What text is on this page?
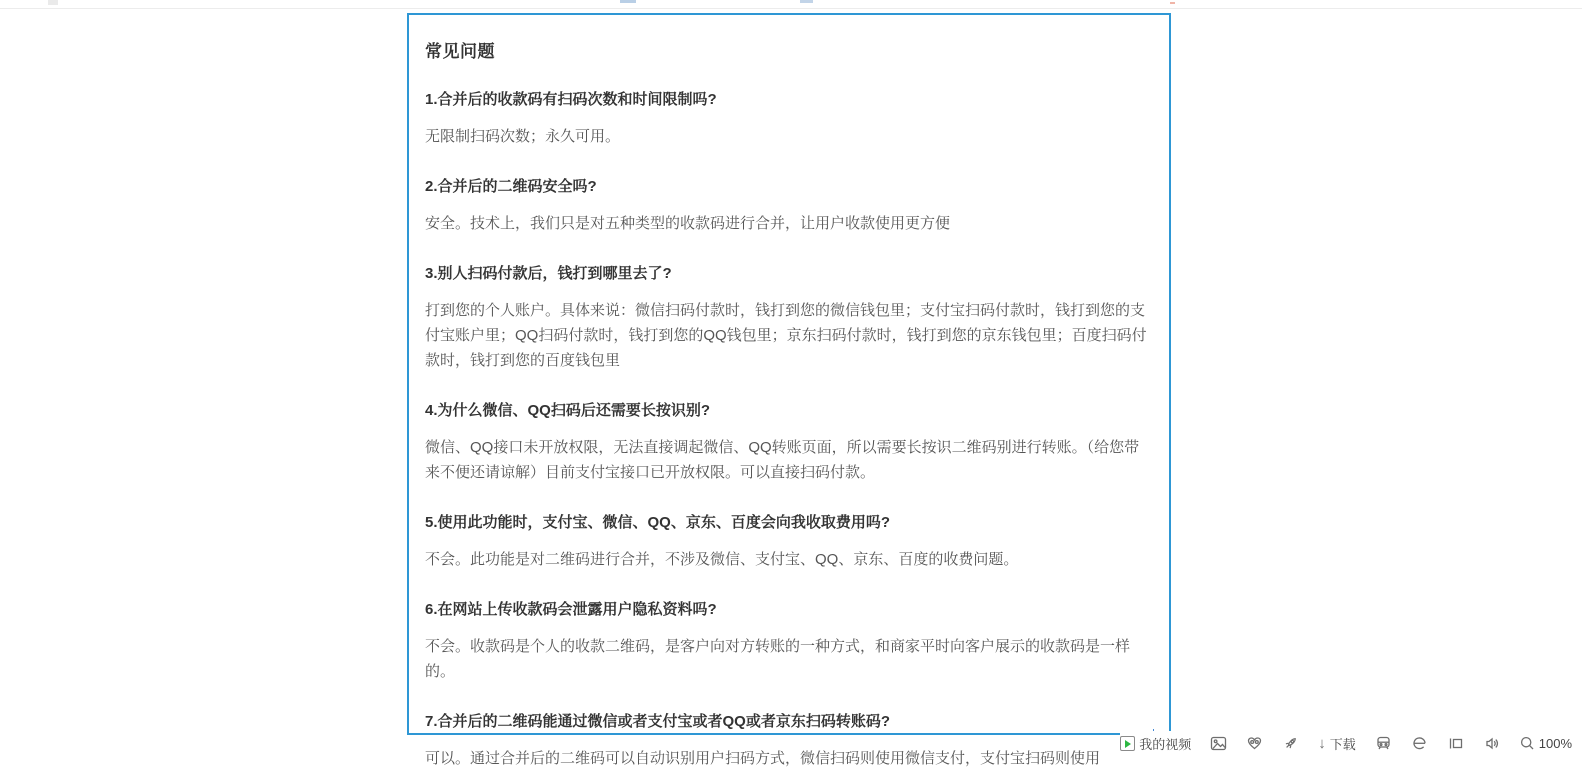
常见问题
1.合并后的收款码有扫码次数和时间限制吗?

无限制扫码次数；永久可用。

2.合并后的二维码安全吗?

安全。技术上，我们只是对五种类型的收款码进行合并，让用户收款使用更方便

3.别人扫码付款后，钱打到哪里去了?

打到您的个人账户。具体来说：微信扫码付款时，钱打到您的微信钱包里；支付宝扫码付款时，钱打到您的支付宝账户里；QQ扫码付款时，钱打到您的QQ钱包里；京东扫码付款时，钱打到您的京东钱包里；百度扫码付款时，钱打到您的百度钱包里

4.为什么微信、QQ扫码后还需要长按识别?

微信、QQ接口未开放权限，无法直接调起微信、QQ转账页面，所以需要长按识二维码别进行转账。（给您带来不便还请谅解）目前支付宝接口已开放权限。可以直接扫码付款。

5.使用此功能时，支付宝、微信、QQ、京东、百度会向我收取费用吗?

不会。此功能是对二维码进行合并，不涉及微信、支付宝、QQ、京东、百度的收费问题。

6.在网站上传收款码会泄露用户隐私资料吗?

不会。收款码是个人的收款二维码，是客户向对方转账的一种方式，和商家平时向客户展示的收款码是一样的。

7.合并后的二维码能通过微信或者支付宝或者QQ或者京东扫码转账码?

可以。通过合并后的二维码可以自动识别用户扫码方式，微信扫码则使用微信支付，支付宝扫码则使用

我的视频	↓ 下载	100%
